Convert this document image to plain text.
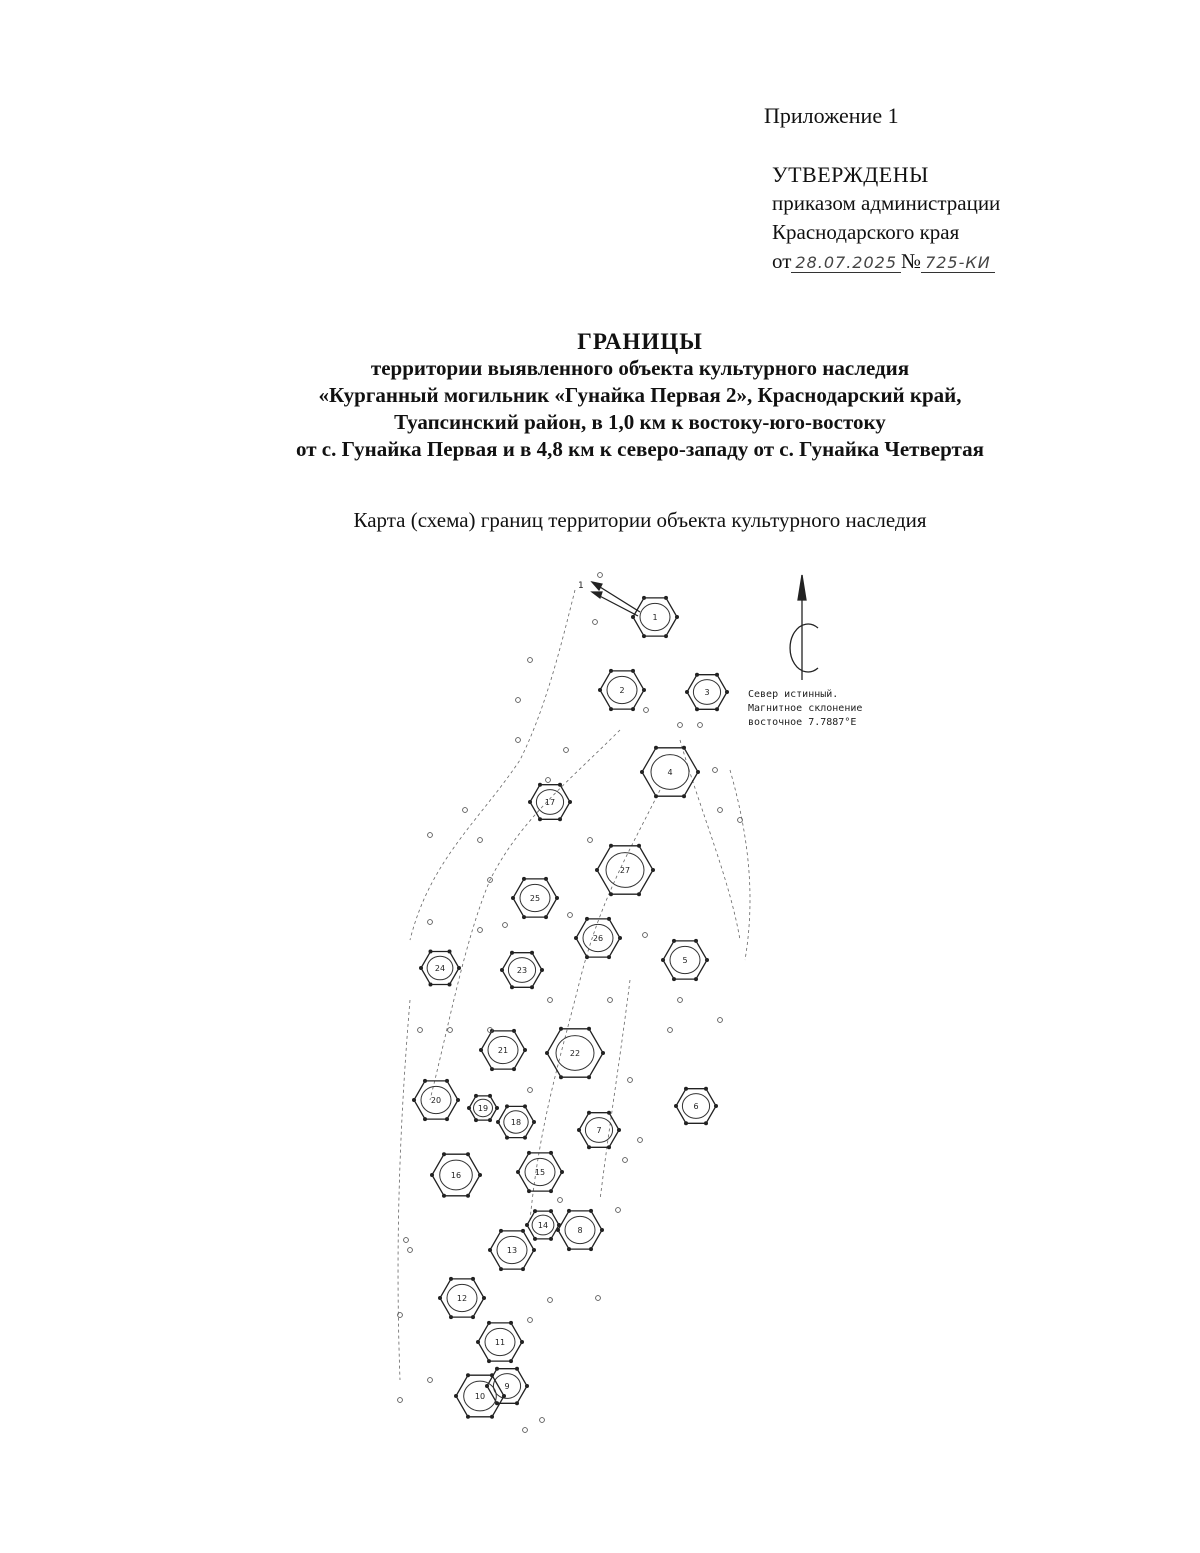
Приложение 1
УТВЕРЖДЕНЫ
приказом администрации
Краснодарского края
от 28.07.2025 № 725-КИ
ГРАНИЦЫ
территории выявленного объекта культурного наследия
«Курганный могильник «Гунайка Первая 2», Краснодарский край,
Туапсинский район, в 1,0 км к востоку-юго-востоку
от с. Гунайка Первая и в 4,8 км к северо-западу от с. Гунайка Четвертая
Карта (схема) границ территории объекта культурного наследия
1
1
2	3
4
17
27
25
26
5
24	23
21	22
20
19
18
7
6
16	15
14
8
13
12
11
9
10
Север истинный.
Магнитное склонение
восточное 7.7887°E
